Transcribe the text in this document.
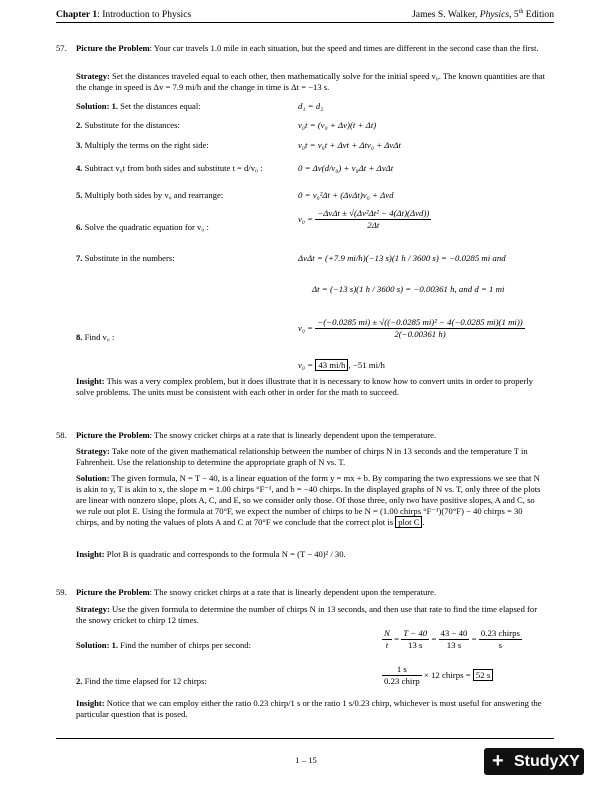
Chapter 1: Introduction to Physics	James S. Walker, Physics, 5th Edition
57. Picture the Problem: Your car travels 1.0 mile in each situation, but the speed and times are different in the second case than the first.

Strategy: Set the distances traveled equal to each other, then mathematically solve for the initial speed v₀. The known quantities are that the change in speed is Δv = 7.9 mi/h and the change in time is Δt = −13 s.

Solution: 1. Set the distances equal:	d₁ = d₂
2. Substitute for the distances:	v₀t = (v₀ + Δv)(t + Δt)
3. Multiply the terms on the right side:	v₀t = v₀t + Δvt + Δtv₀ + ΔvΔt
4. Subtract v₀t from both sides and substitute t = d/v₀ :	0 = Δv(d/v₀) + v₀Δt + ΔvΔt
5. Multiply both sides by v₀ and rearrange:	0 = v₀²Δt + (ΔvΔt)v₀ + Δvd
6. Solve the quadratic equation for v₀ :
$v_0 = \frac{\text{−ΔvΔt ± √(Δv²Δt² − 4(Δt)(Δvd))}}{2\Delta t}$
7. Substitute in the numbers:	ΔvΔt = (+7.9 mi/h)(−13 s)(1 h / 3600 s) = −0.0285 mi and
Δt = (−13 s)(1 h / 3600 s) = −0.00361 h, and d = 1 mi
8. Find v₀ :
$v_0 = \frac{\text{−(−0.0285 mi) ± √((−0.0285 mi)² − 4(−0.0285 mi)(1 mi))}}{2(-0.00361 h)}$
v₀ = 43 mi/h , −51 mi/h

Insight: This was a very complex problem, but it does illustrate that it is necessary to know how to convert units in order to properly solve problems. The units must be consistent with each other in order for the math to succeed.

58. Picture the Problem: The snowy cricket chirps at a rate that is linearly dependent upon the temperature.

Strategy: Take note of the given mathematical relationship between the number of chirps N in 13 seconds and the temperature T in Fahrenheit. Use the relationship to determine the appropriate graph of N vs. T.

Solution: The given formula, N = T − 40, is a linear equation of the form y = mx + b. By comparing the two expressions we see that N is akin to y, T is akin to x, the slope m = 1.00 chirps °F⁻¹, and b = −40 chirps. In the displayed graphs of N vs. T, only three of the plots are linear with nonzero slope, plots A, C, and E, so we consider only those. Of those three, only two have positive slopes, A and C, so we rule out plot E. Using the formula at 70°F, we expect the number of chirps to be N = (1.00 chirps °F⁻¹)(70°F) − 40 chirps = 30 chirps, and by noting the values of plots A and C at 70°F we conclude that the correct plot is plot C .

Insight: Plot B is quadratic and corresponds to the formula N = (T − 40)² / 30.

59. Picture the Problem: The snowy cricket chirps at a rate that is linearly dependent upon the temperature.

Strategy: Use the given formula to determine the number of chirps N in 13 seconds, and then use that rate to find the time elapsed for the snowy cricket to chirp 12 times.

Solution: 1. Find the number of chirps per second:	$\frac{N}{t} = \frac{T - 40}{13 s} = \frac{43 - 40}{13 s} = \frac{\text{0.23 chirps}}{s}$
2. Find the time elapsed for 12 chirps:	$\frac{1 s}{\text{0.23 chirp}} \times 12$ chirps = 52 s

Insight: Notice that we can employ either the ratio 0.23 chirp/1 s or the ratio 1 s/0.23 chirp, whichever is most useful for answering the particular question that is posed.

1 – 15	+ StudyXY
